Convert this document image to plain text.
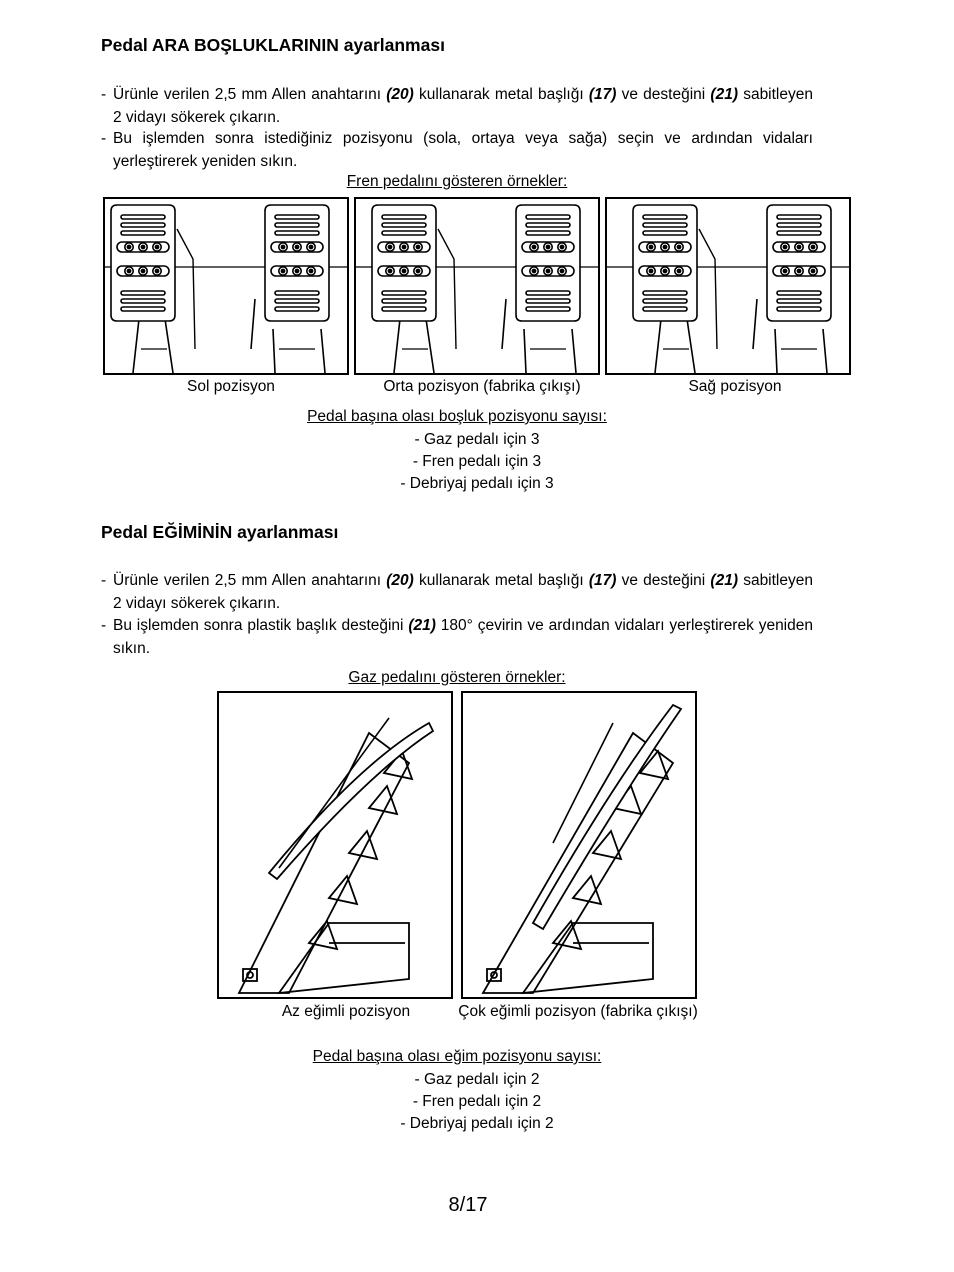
Pedal ARA BOŞLUKLARININ ayarlanması
- Ürünle verilen 2,5 mm Allen anahtarını (20) kullanarak metal başlığı (17) ve desteğini (21) sabitleyen 2 vidayı sökerek çıkarın.
- Bu işlemden sonra istediğiniz pozisyonu (sola, ortaya veya sağa) seçin ve ardından vidaları yerleştirerek yeniden sıkın.
Fren pedalını gösteren örnekler:
Sol pozisyon	Orta pozisyon (fabrika çıkışı)	Sağ pozisyon
Pedal başına olası boşluk pozisyonu sayısı:
- Gaz pedalı için 3
- Fren pedalı için 3
- Debriyaj pedalı için 3
Pedal EĞİMİNİN ayarlanması
- Ürünle verilen 2,5 mm Allen anahtarını (20) kullanarak metal başlığı (17) ve desteğini (21) sabitleyen 2 vidayı sökerek çıkarın.
- Bu işlemden sonra plastik başlık desteğini (21) 180° çevirin ve ardından vidaları yerleştirerek yeniden sıkın.
Gaz pedalını gösteren örnekler:
Az eğimli pozisyon	Çok eğimli pozisyon (fabrika çıkışı)
Pedal başına olası eğim pozisyonu sayısı:
- Gaz pedalı için 2
- Fren pedalı için 2
- Debriyaj pedalı için 2
8/17
